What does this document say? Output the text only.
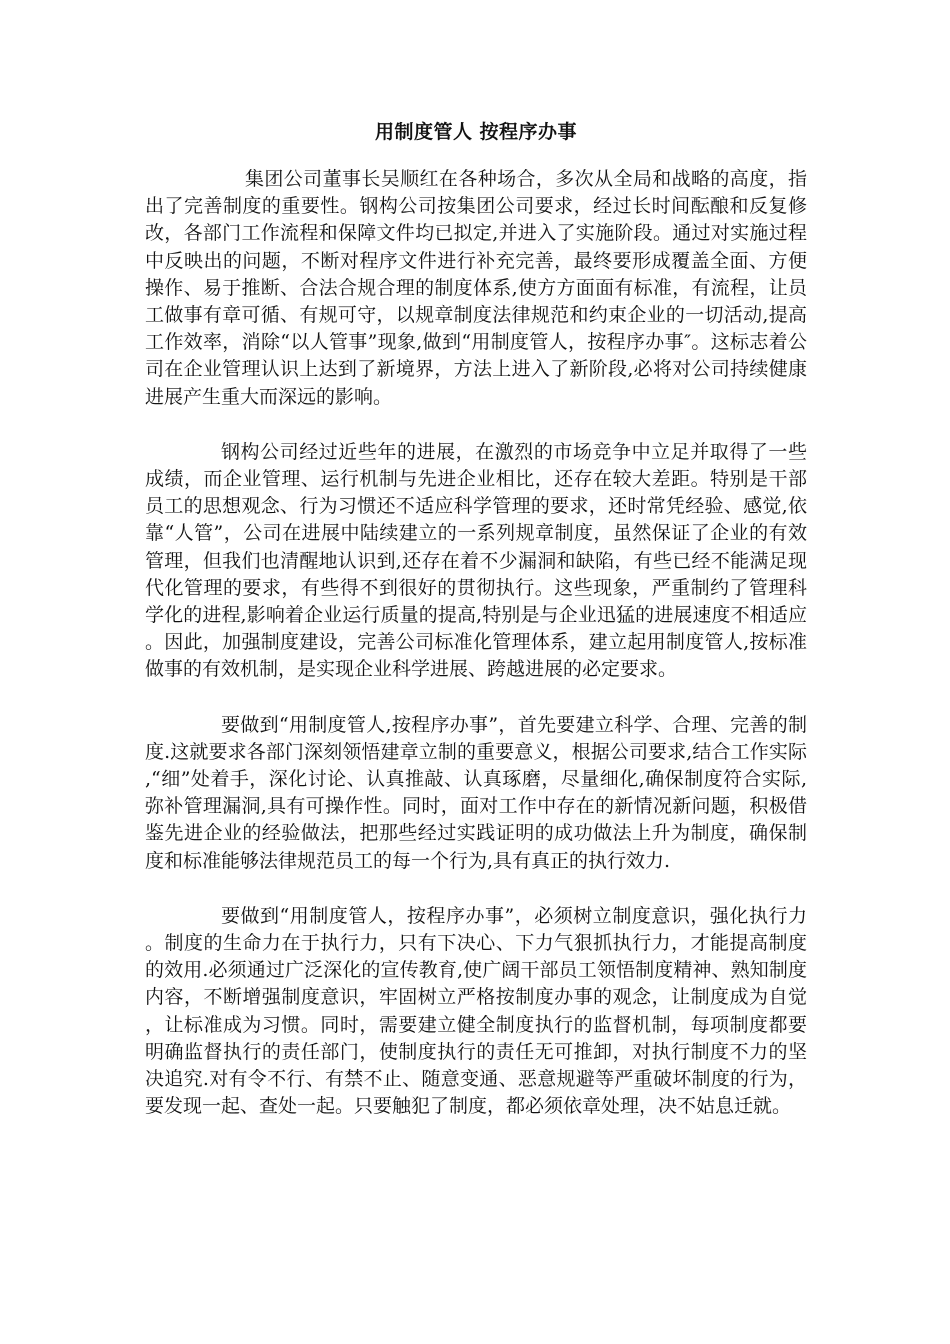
用制度管人 按程序办事

集团公司董事长吴顺红在各种场合，多次从全局和战略的高度，指出了完善制度的重要性。钢构公司按集团公司要求，经过长时间酝酿和反复修改，各部门工作流程和保障文件均已拟定,并进入了实施阶段。通过对实施过程中反映出的问题，不断对程序文件进行补充完善，最终要形成覆盖全面、方便操作、易于推断、合法合规合理的制度体系,使方方面面有标准，有流程，让员工做事有章可循、有规可守，以规章制度法律规范和约束企业的一切活动,提高工作效率，消除“以人管事”现象,做到“用制度管人，按程序办事″。这标志着公司在企业管理认识上达到了新境界，方法上进入了新阶段,必将对公司持续健康进展产生重大而深远的影响。

钢构公司经过近些年的进展，在激烈的市场竞争中立足并取得了一些成绩，而企业管理、运行机制与先进企业相比，还存在较大差距。特别是干部员工的思想观念、行为习惯还不适应科学管理的要求，还时常凭经验、感觉,依靠“人管”，公司在进展中陆续建立的一系列规章制度，虽然保证了企业的有效管理，但我们也清醒地认识到,还存在着不少漏洞和缺陷，有些已经不能满足现代化管理的要求，有些得不到很好的贯彻执行。这些现象，严重制约了管理科学化的进程,影响着企业运行质量的提高,特别是与企业迅猛的进展速度不相适应。因此，加强制度建设，完善公司标准化管理体系，建立起用制度管人,按标准做事的有效机制，是实现企业科学进展、跨越进展的必定要求。

要做到“用制度管人,按程序办事”，首先要建立科学、合理、完善的制度.这就要求各部门深刻领悟建章立制的重要意义，根据公司要求,结合工作实际,“细”处着手，深化讨论、认真推敲、认真琢磨，尽量细化,确保制度符合实际,弥补管理漏洞,具有可操作性。同时，面对工作中存在的新情况新问题，积极借鉴先进企业的经验做法，把那些经过实践证明的成功做法上升为制度，确保制度和标准能够法律规范员工的每一个行为,具有真正的执行效力.

要做到“用制度管人，按程序办事”，必须树立制度意识，强化执行力。制度的生命力在于执行力，只有下决心、下力气狠抓执行力，才能提高制度的效用.必须通过广泛深化的宣传教育,使广阔干部员工领悟制度精神、熟知制度内容，不断增强制度意识，牢固树立严格按制度办事的观念，让制度成为自觉，让标准成为习惯。同时，需要建立健全制度执行的监督机制，每项制度都要明确监督执行的责任部门，使制度执行的责任无可推卸，对执行制度不力的坚决追究.对有令不行、有禁不止、随意变通、恶意规避等严重破坏制度的行为，要发现一起、查处一起。只要触犯了制度，都必须依章处理，决不姑息迁就。
